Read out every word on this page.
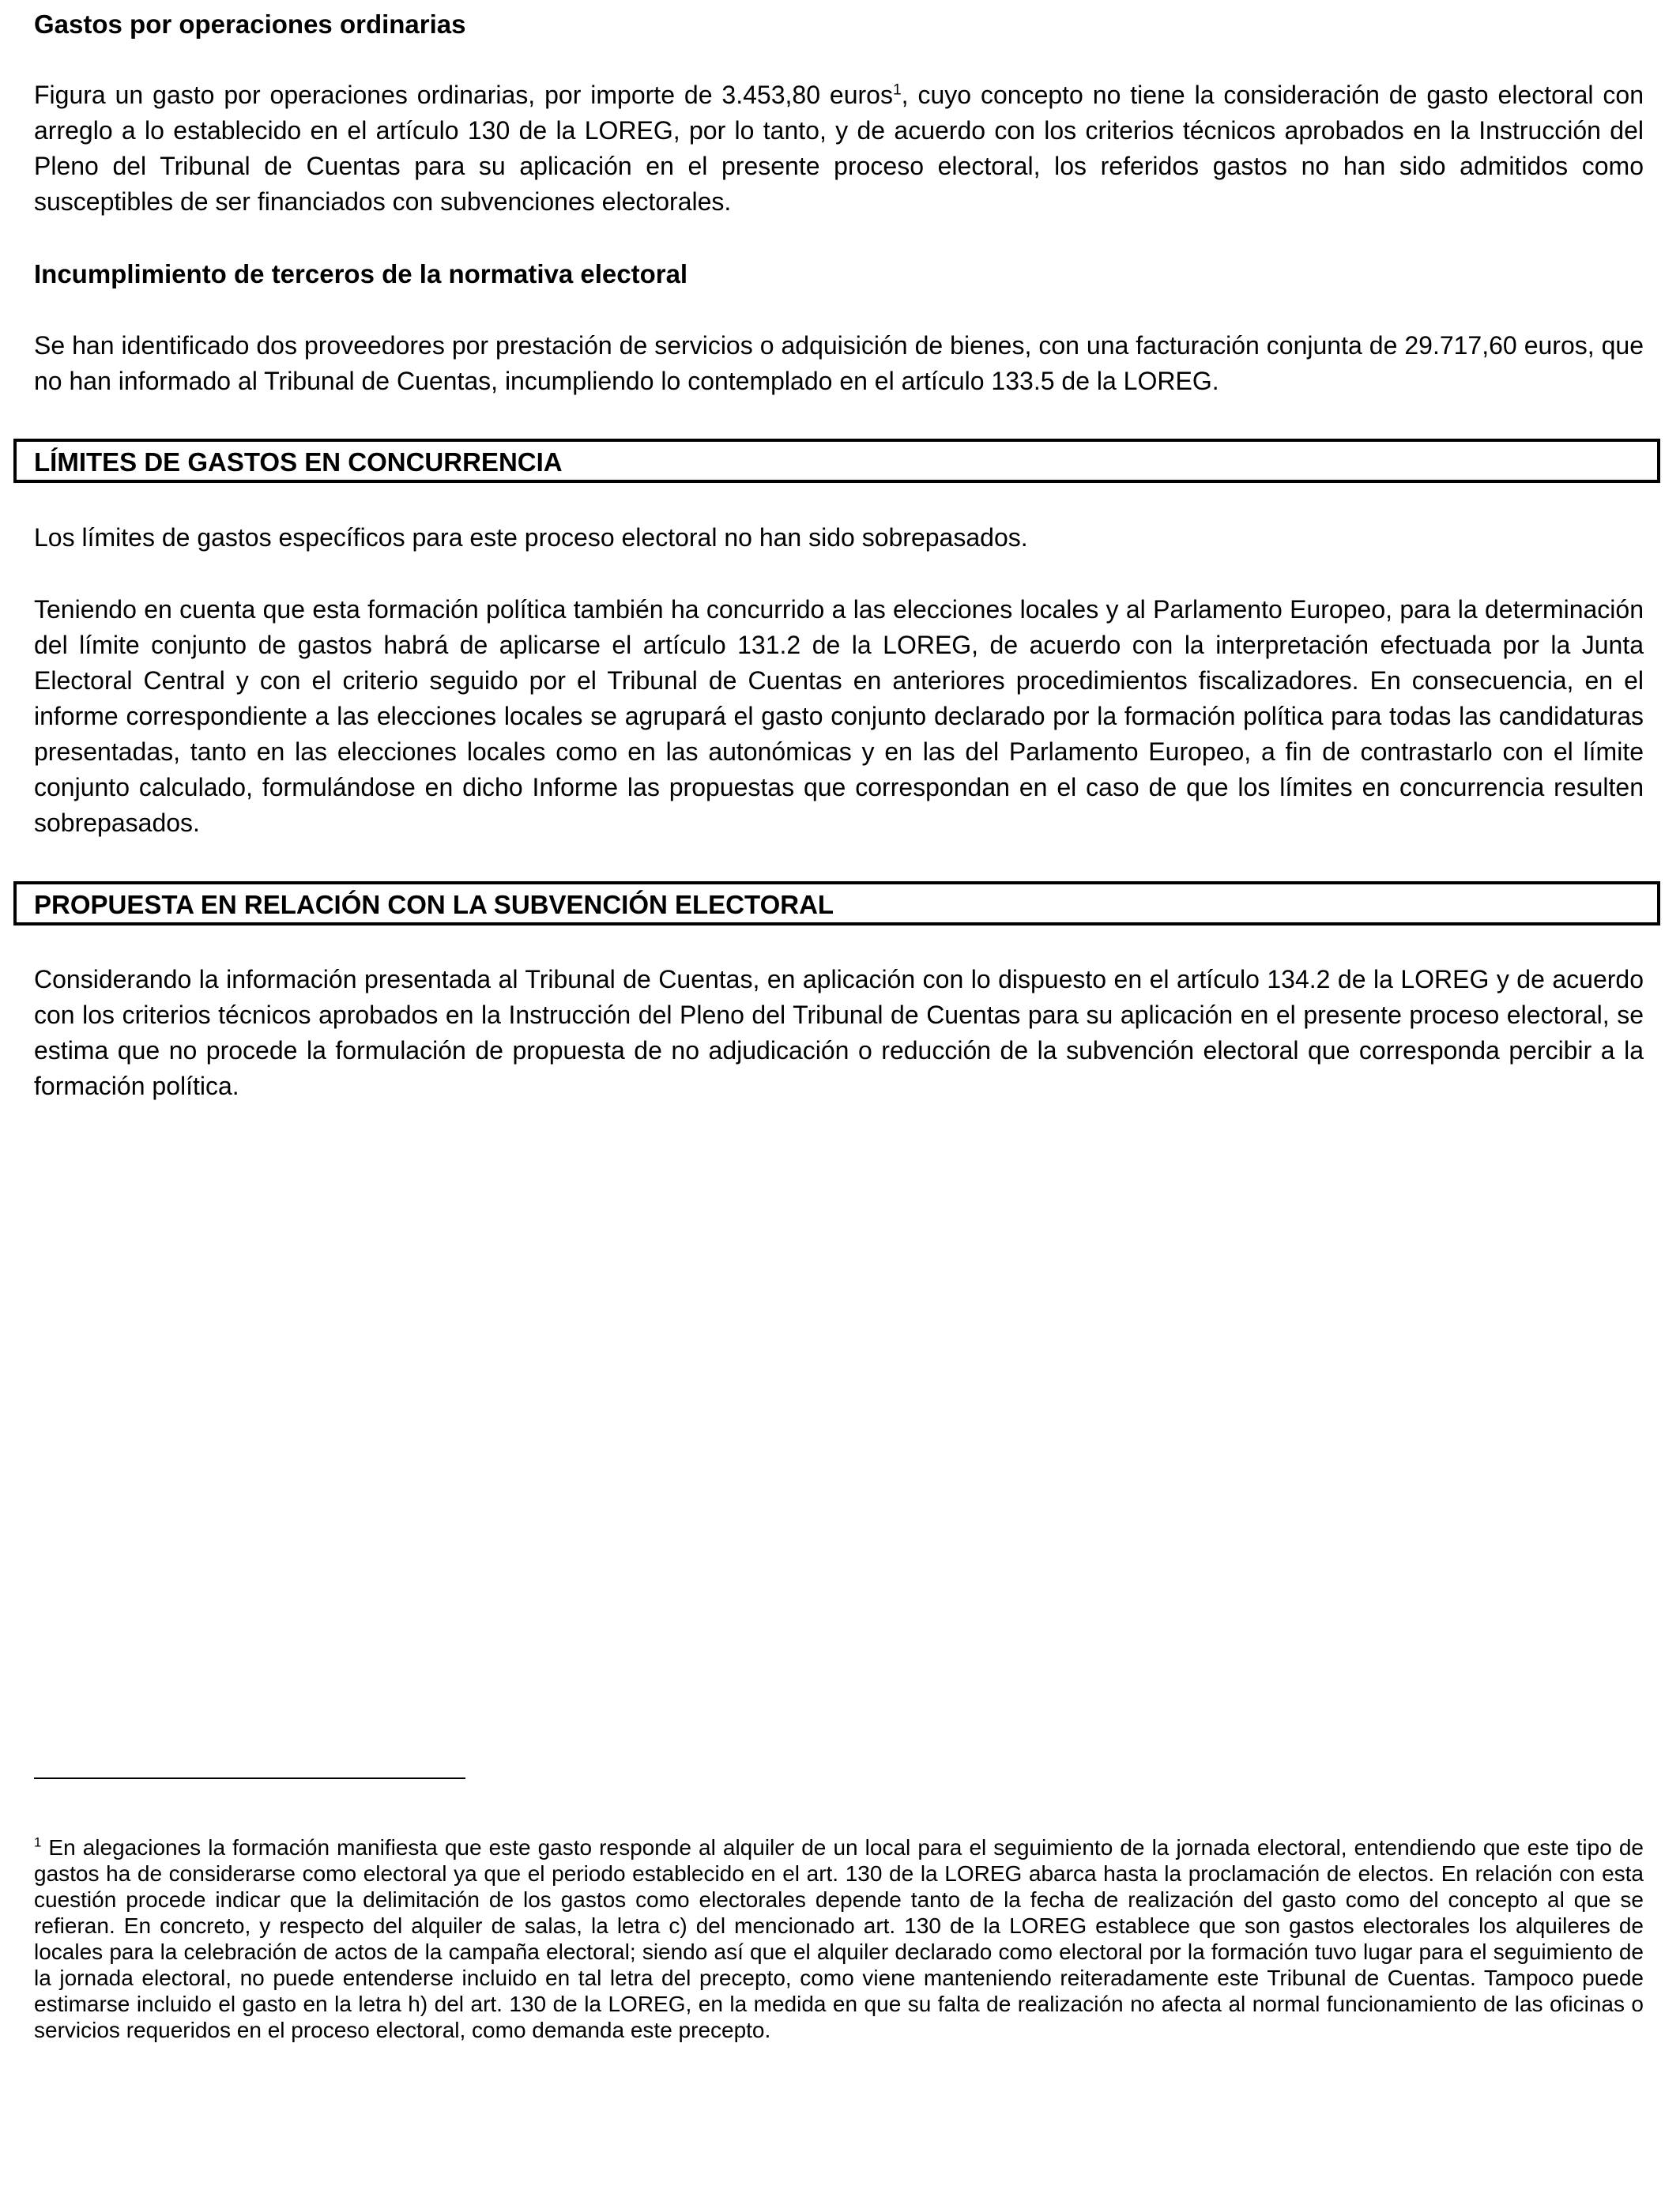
Gastos por operaciones ordinarias

Figura un gasto por operaciones ordinarias, por importe de 3.453,80 euros$^1$, cuyo concepto no tiene la consideración de gasto electoral con arreglo a lo establecido en el artículo 130 de la LOREG, por lo tanto, y de acuerdo con los criterios técnicos aprobados en la Instrucción del Pleno del Tribunal de Cuentas para su aplicación en el presente proceso electoral, los referidos gastos no han sido admitidos como susceptibles de ser financiados con subvenciones electorales.

Incumplimiento de terceros de la normativa electoral

Se han identificado dos proveedores por prestación de servicios o adquisición de bienes, con una facturación conjunta de 29.717,60 euros, que no han informado al Tribunal de Cuentas, incumpliendo lo contemplado en el artículo 133.5 de la LOREG.

LÍMITES DE GASTOS EN CONCURRENCIA

Los límites de gastos específicos para este proceso electoral no han sido sobrepasados.

Teniendo en cuenta que esta formación política también ha concurrido a las elecciones locales y al Parlamento Europeo, para la determinación del límite conjunto de gastos habrá de aplicarse el artículo 131.2 de la LOREG, de acuerdo con la interpretación efectuada por la Junta Electoral Central y con el criterio seguido por el Tribunal de Cuentas en anteriores procedimientos fiscalizadores. En consecuencia, en el informe correspondiente a las elecciones locales se agrupará el gasto conjunto declarado por la formación política para todas las candidaturas presentadas, tanto en las elecciones locales como en las autonómicas y en las del Parlamento Europeo, a fin de contrastarlo con el límite conjunto calculado, formulándose en dicho Informe las propuestas que correspondan en el caso de que los límites en concurrencia resulten sobrepasados.

PROPUESTA EN RELACIÓN CON LA SUBVENCIÓN ELECTORAL

Considerando la información presentada al Tribunal de Cuentas, en aplicación con lo dispuesto en el artículo 134.2 de la LOREG y de acuerdo con los criterios técnicos aprobados en la Instrucción del Pleno del Tribunal de Cuentas para su aplicación en el presente proceso electoral, se estima que no procede la formulación de propuesta de no adjudicación o reducción de la subvención electoral que corresponda percibir a la formación política.

$^1$ En alegaciones la formación manifiesta que este gasto responde al alquiler de un local para el seguimiento de la jornada electoral, entendiendo que este tipo de gastos ha de considerarse como electoral ya que el periodo establecido en el art. 130 de la LOREG abarca hasta la proclamación de electos. En relación con esta cuestión procede indicar que la delimitación de los gastos como electorales depende tanto de la fecha de realización del gasto como del concepto al que se refieran. En concreto, y respecto del alquiler de salas, la letra c) del mencionado art. 130 de la LOREG establece que son gastos electorales los alquileres de locales para la celebración de actos de la campaña electoral; siendo así que el alquiler declarado como electoral por la formación tuvo lugar para el seguimiento de la jornada electoral, no puede entenderse incluido en tal letra del precepto, como viene manteniendo reiteradamente este Tribunal de Cuentas. Tampoco puede estimarse incluido el gasto en la letra h) del art. 130 de la LOREG, en la medida en que su falta de realización no afecta al normal funcionamiento de las oficinas o servicios requeridos en el proceso electoral, como demanda este precepto.
